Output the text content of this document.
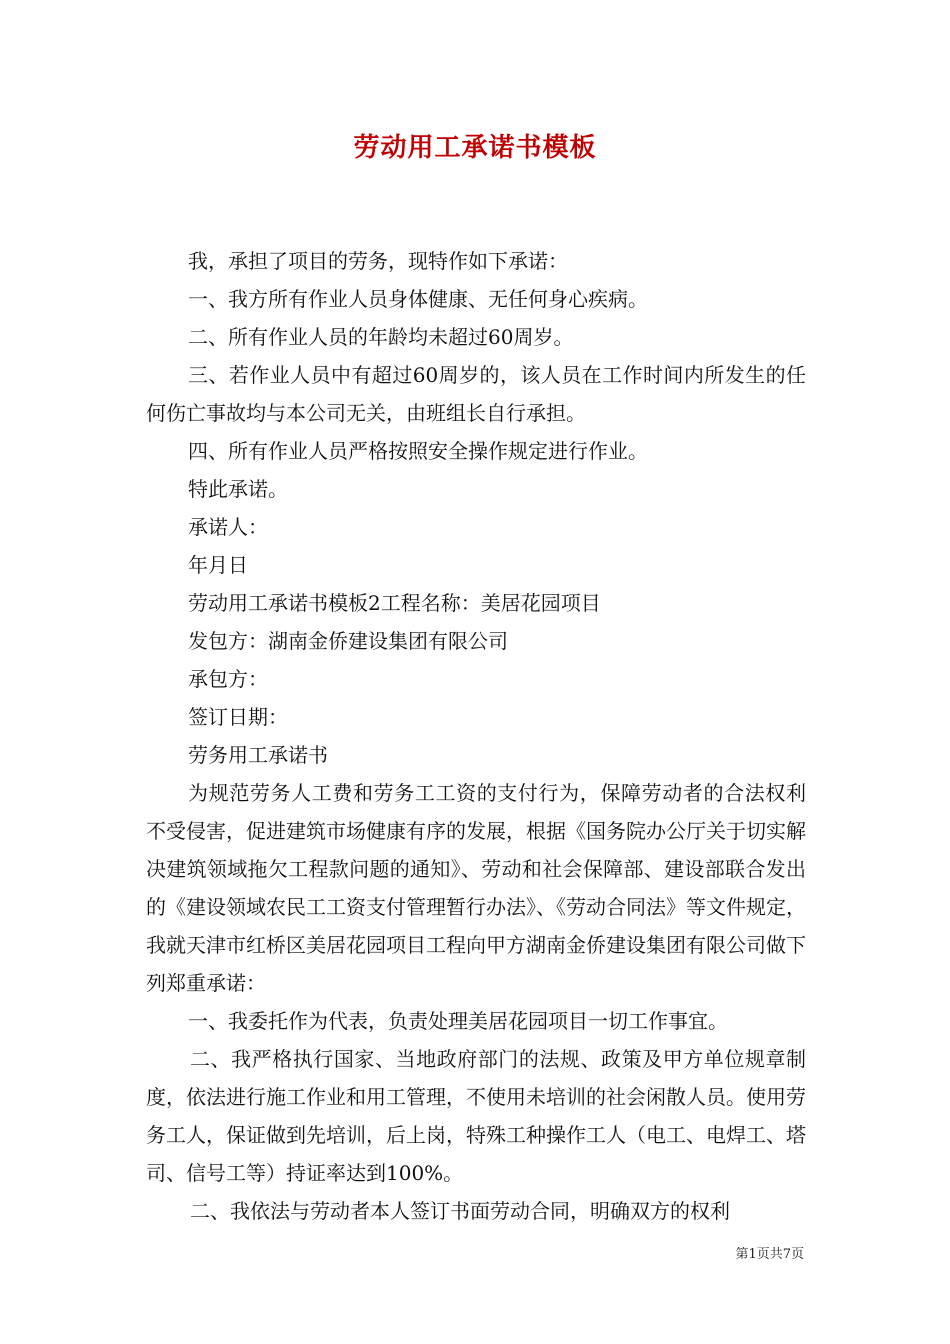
劳动用工承诺书模板

我，承担了项目的劳务，现特作如下承诺：

一、我方所有作业人员身体健康、无任何身心疾病。

二、所有作业人员的年龄均未超过60周岁。

三、若作业人员中有超过60周岁的，该人员在工作时间内所发生的任何伤亡事故均与本公司无关，由班组长自行承担。

四、所有作业人员严格按照安全操作规定进行作业。

特此承诺。

承诺人：

年月日

劳动用工承诺书模板2工程名称：美居花园项目

发包方：湖南金侨建设集团有限公司

承包方：

签订日期：

劳务用工承诺书

为规范劳务人工费和劳务工工资的支付行为，保障劳动者的合法权利不受侵害，促进建筑市场健康有序的发展，根据《国务院办公厅关于切实解决建筑领域拖欠工程款问题的通知》、劳动和社会保障部、建设部联合发出的《建设领域农民工工资支付管理暂行办法》、《劳动合同法》等文件规定，我就天津市红桥区美居花园项目工程向甲方湖南金侨建设集团有限公司做下列郑重承诺：

一、我委托作为代表，负责处理美居花园项目一切工作事宜。

二、我严格执行国家、当地政府部门的法规、政策及甲方单位规章制度，依法进行施工作业和用工管理，不使用未培训的社会闲散人员。使用劳务工人，保证做到先培训，后上岗，特殊工种操作工人（电工、电焊工、塔司、信号工等）持证率达到100%。

二、我依法与劳动者本人签订书面劳动合同，明确双方的权利

第1页共7页
